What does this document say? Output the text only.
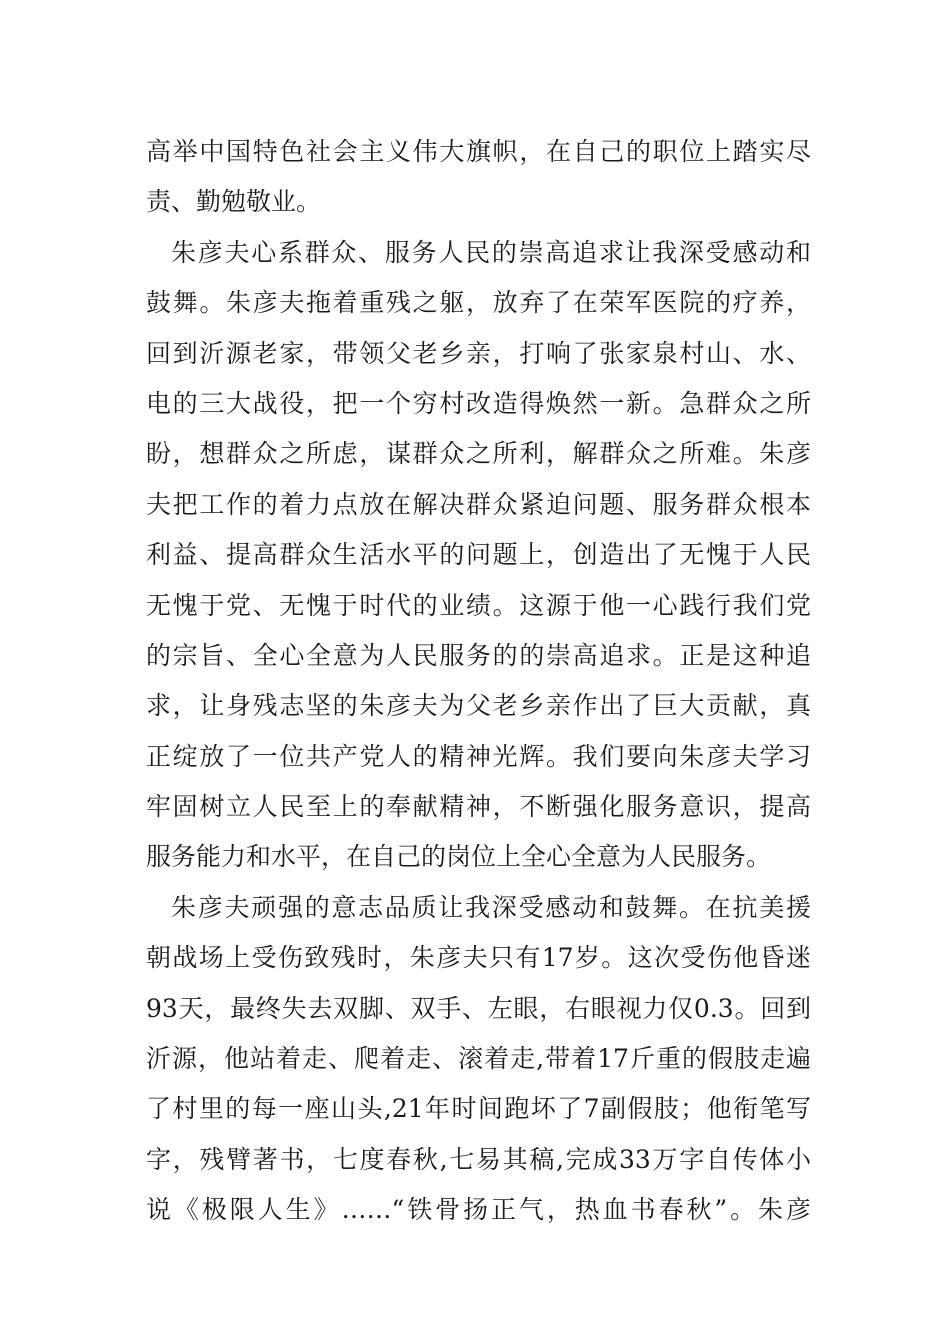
高举中国特色社会主义伟大旗帜，在自己的职位上踏实尽
责、勤勉敬业。
朱彦夫心系群众、服务人民的崇高追求让我深受感动和
鼓舞。朱彦夫拖着重残之躯，放弃了在荣军医院的疗养，
回到沂源老家，带领父老乡亲，打响了张家泉村山、水、
电的三大战役，把一个穷村改造得焕然一新。急群众之所
盼，想群众之所虑，谋群众之所利，解群众之所难。朱彦
夫把工作的着力点放在解决群众紧迫问题、服务群众根本
利益、提高群众生活水平的问题上，创造出了无愧于人民
无愧于党、无愧于时代的业绩。这源于他一心践行我们党
的宗旨、全心全意为人民服务的的崇高追求。正是这种追
求，让身残志坚的朱彦夫为父老乡亲作出了巨大贡献，真
正绽放了一位共产党人的精神光辉。我们要向朱彦夫学习
牢固树立人民至上的奉献精神，不断强化服务意识，提高
服务能力和水平，在自己的岗位上全心全意为人民服务。
朱彦夫顽强的意志品质让我深受感动和鼓舞。在抗美援
朝战场上受伤致残时，朱彦夫只有17岁。这次受伤他昏迷
93天，最终失去双脚、双手、左眼，右眼视力仅0.3。回到
沂源，他站着走、爬着走、滚着走,带着17斤重的假肢走遍
了村里的每一座山头,21年时间跑坏了7副假肢；他衔笔写
字，残臂著书，七度春秋,七易其稿,完成33万字自传体小
说《极限人生》……“铁骨扬正气，热血书春秋”。朱彦
